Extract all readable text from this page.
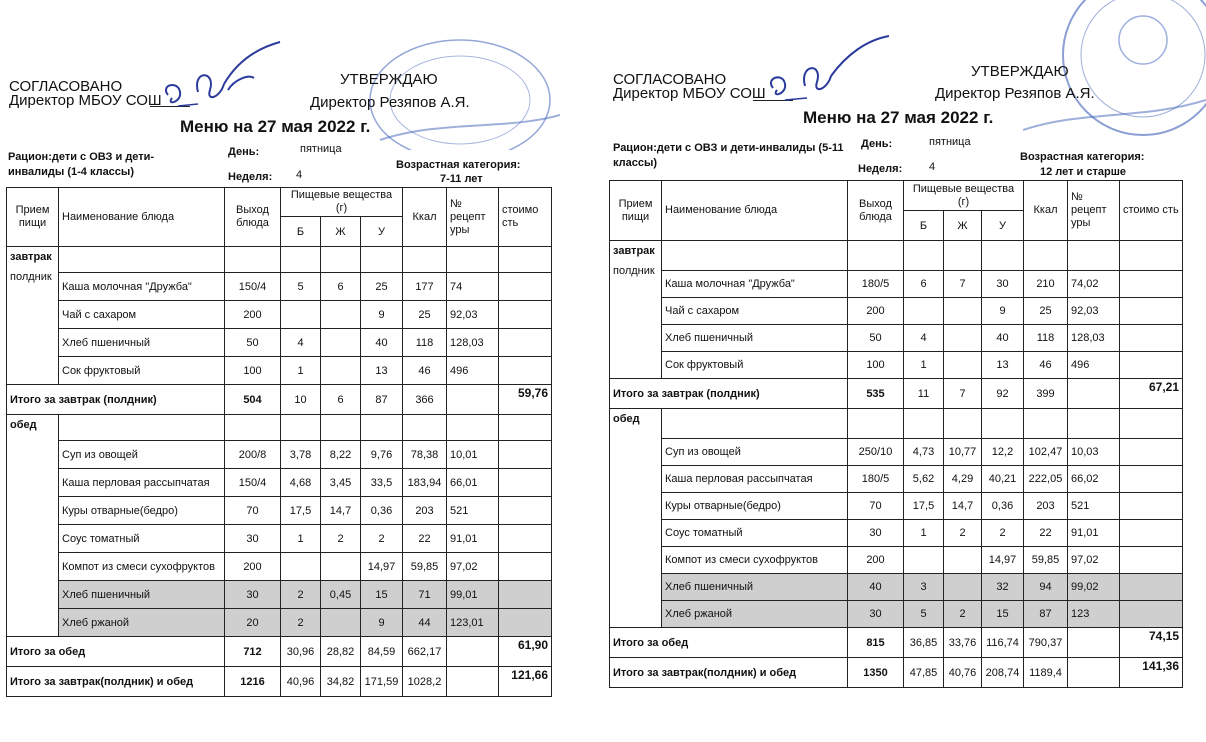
СОГЛАСОВАНО
Директор МБОУ СОШ
УТВЕРЖДАЮ
Директор Резяпов А.Я.
Меню на 27 мая 2022 г.
Рацион:дети с ОВЗ и дети-инвалиды (1-4 классы)
День:	пятница
Неделя: 4
Возрастная категория:
7-11 лет
Прием пищи	Наименование блюда	Выход блюда	Пищевые вещества (г)			Ккал	№ рецепт уры	стоимо сть
			Б	Ж	У			

завтрак
полдник								

	Каша молочная "Дружба"	150/4	5	6	25	177	74	
	Чай с сахаром	200			9	25	92,03	
	Хлеб пшеничный	50	4		40	118	128,03	
	Сок фруктовый	100	1		13	46	496	
Итого за завтрак (полдник)		504	10	6	87	366		59,76
обед								
	Суп из овощей	200/8	3,78	8,22	9,76	78,38	10,01	
	Каша перловая рассыпчатая	150/4	4,68	3,45	33,5	183,94	66,01	
	Куры отварные(бедро)	70	17,5	14,7	0,36	203	521	
	Соус томатный	30	1	2	2	22	91,01	
	Компот из смеси сухофруктов	200			14,97	59,85	97,02	
	Хлеб пшеничный	30	2	0,45	15	71	99,01	
	Хлеб ржаной	20	2		9	44	123,01	
Итого за обед		712	30,96	28,82	84,59	662,17		61,90
Итого за завтрак(полдник) и обед		1216	40,96	34,82	171,59	1028,2		121,66
СОГЛАСОВАНО
Директор МБОУ СОШ
УТВЕРЖДАЮ
Директор Резяпов А.Я.
Меню на 27 мая 2022 г.
Рацион:дети с ОВЗ и дети-инвалиды (5-11 классы)
День:	пятница
Неделя: 4
Возрастная категория:
12 лет и старше
Прием пищи	Наименование блюда	Выход блюда	Пищевые вещества (г)			Ккал	№ рецепт уры	стоимо сть
			Б	Ж	У			

завтрак
полдник								

	Каша молочная "Дружба"	180/5	6	7	30	210	74,02	
	Чай с сахаром	200			9	25	92,03	
	Хлеб пшеничный	50	4		40	118	128,03	
	Сок фруктовый	100	1		13	46	496	
Итого за завтрак (полдник)		535	11	7	92	399		67,21
обед								
	Суп из овощей	250/10	4,73	10,77	12,2	102,47	10,03	
	Каша перловая рассыпчатая	180/5	5,62	4,29	40,21	222,05	66,02	
	Куры отварные(бедро)	70	17,5	14,7	0,36	203	521	
	Соус томатный	30	1	2	2	22	91,01	
	Компот из смеси сухофруктов	200			14,97	59,85	97,02	
	Хлеб пшеничный	40	3		32	94	99,02	
	Хлеб ржаной	30	5	2	15	87	123	
Итого за обед		815	36,85	33,76	116,74	790,37		74,15
Итого за завтрак(полдник) и обед		1350	47,85	40,76	208,74	1189,4		141,36
